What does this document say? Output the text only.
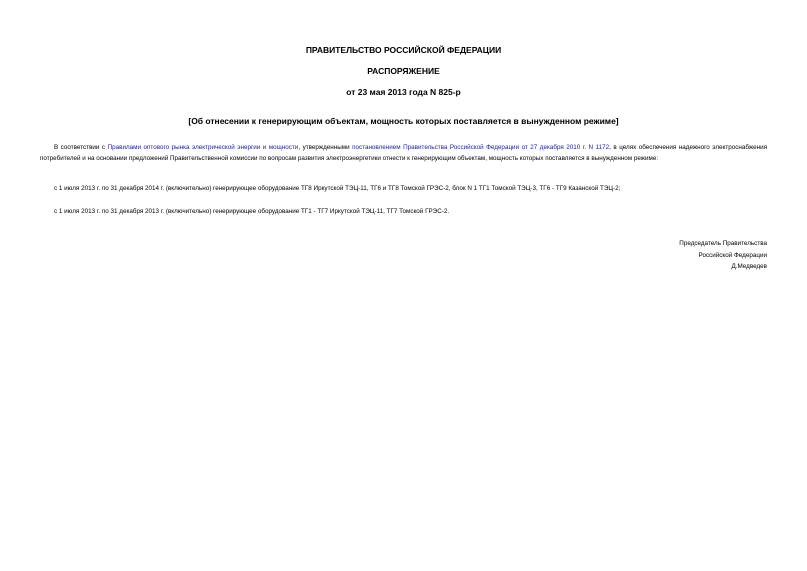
ПРАВИТЕЛЬСТВО РОССИЙСКОЙ ФЕДЕРАЦИИ
РАСПОРЯЖЕНИЕ
от 23 мая 2013 года N 825-р
[Об отнесении к генерирующим объектам, мощность которых поставляется в вынужденном режиме]
В соответствии с Правилами оптового рынка электрической энергии и мощности, утвержденными постановлением Правительства Российской Федерации от 27 декабря 2010 г. N 1172, в целях обеспечения надежного электроснабжения потребителей и на основании предложений Правительственной комиссии по вопросам развития электроэнергетики отнести к генерирующим объектам, мощность которых поставляется в вынужденном режиме:
с 1 июля 2013 г. по 31 декабря 2014 г. (включительно) генерирующее оборудование ТГ8 Иркутской ТЭЦ-11, ТГ6 и ТГ8 Томской ГРЭС-2, блок N 1 ТГ1 Томской ТЭЦ-3, ТГ6 - ТГ9 Казанской ТЭЦ-2;
с 1 июля 2013 г. по 31 декабря 2013 г. (включительно) генерирующее оборудование ТГ1 - ТГ7 Иркутской ТЭЦ-11, ТГ7 Томской ГРЭС-2.
Председатель Правительства
Российской Федерации
Д.Медведев
